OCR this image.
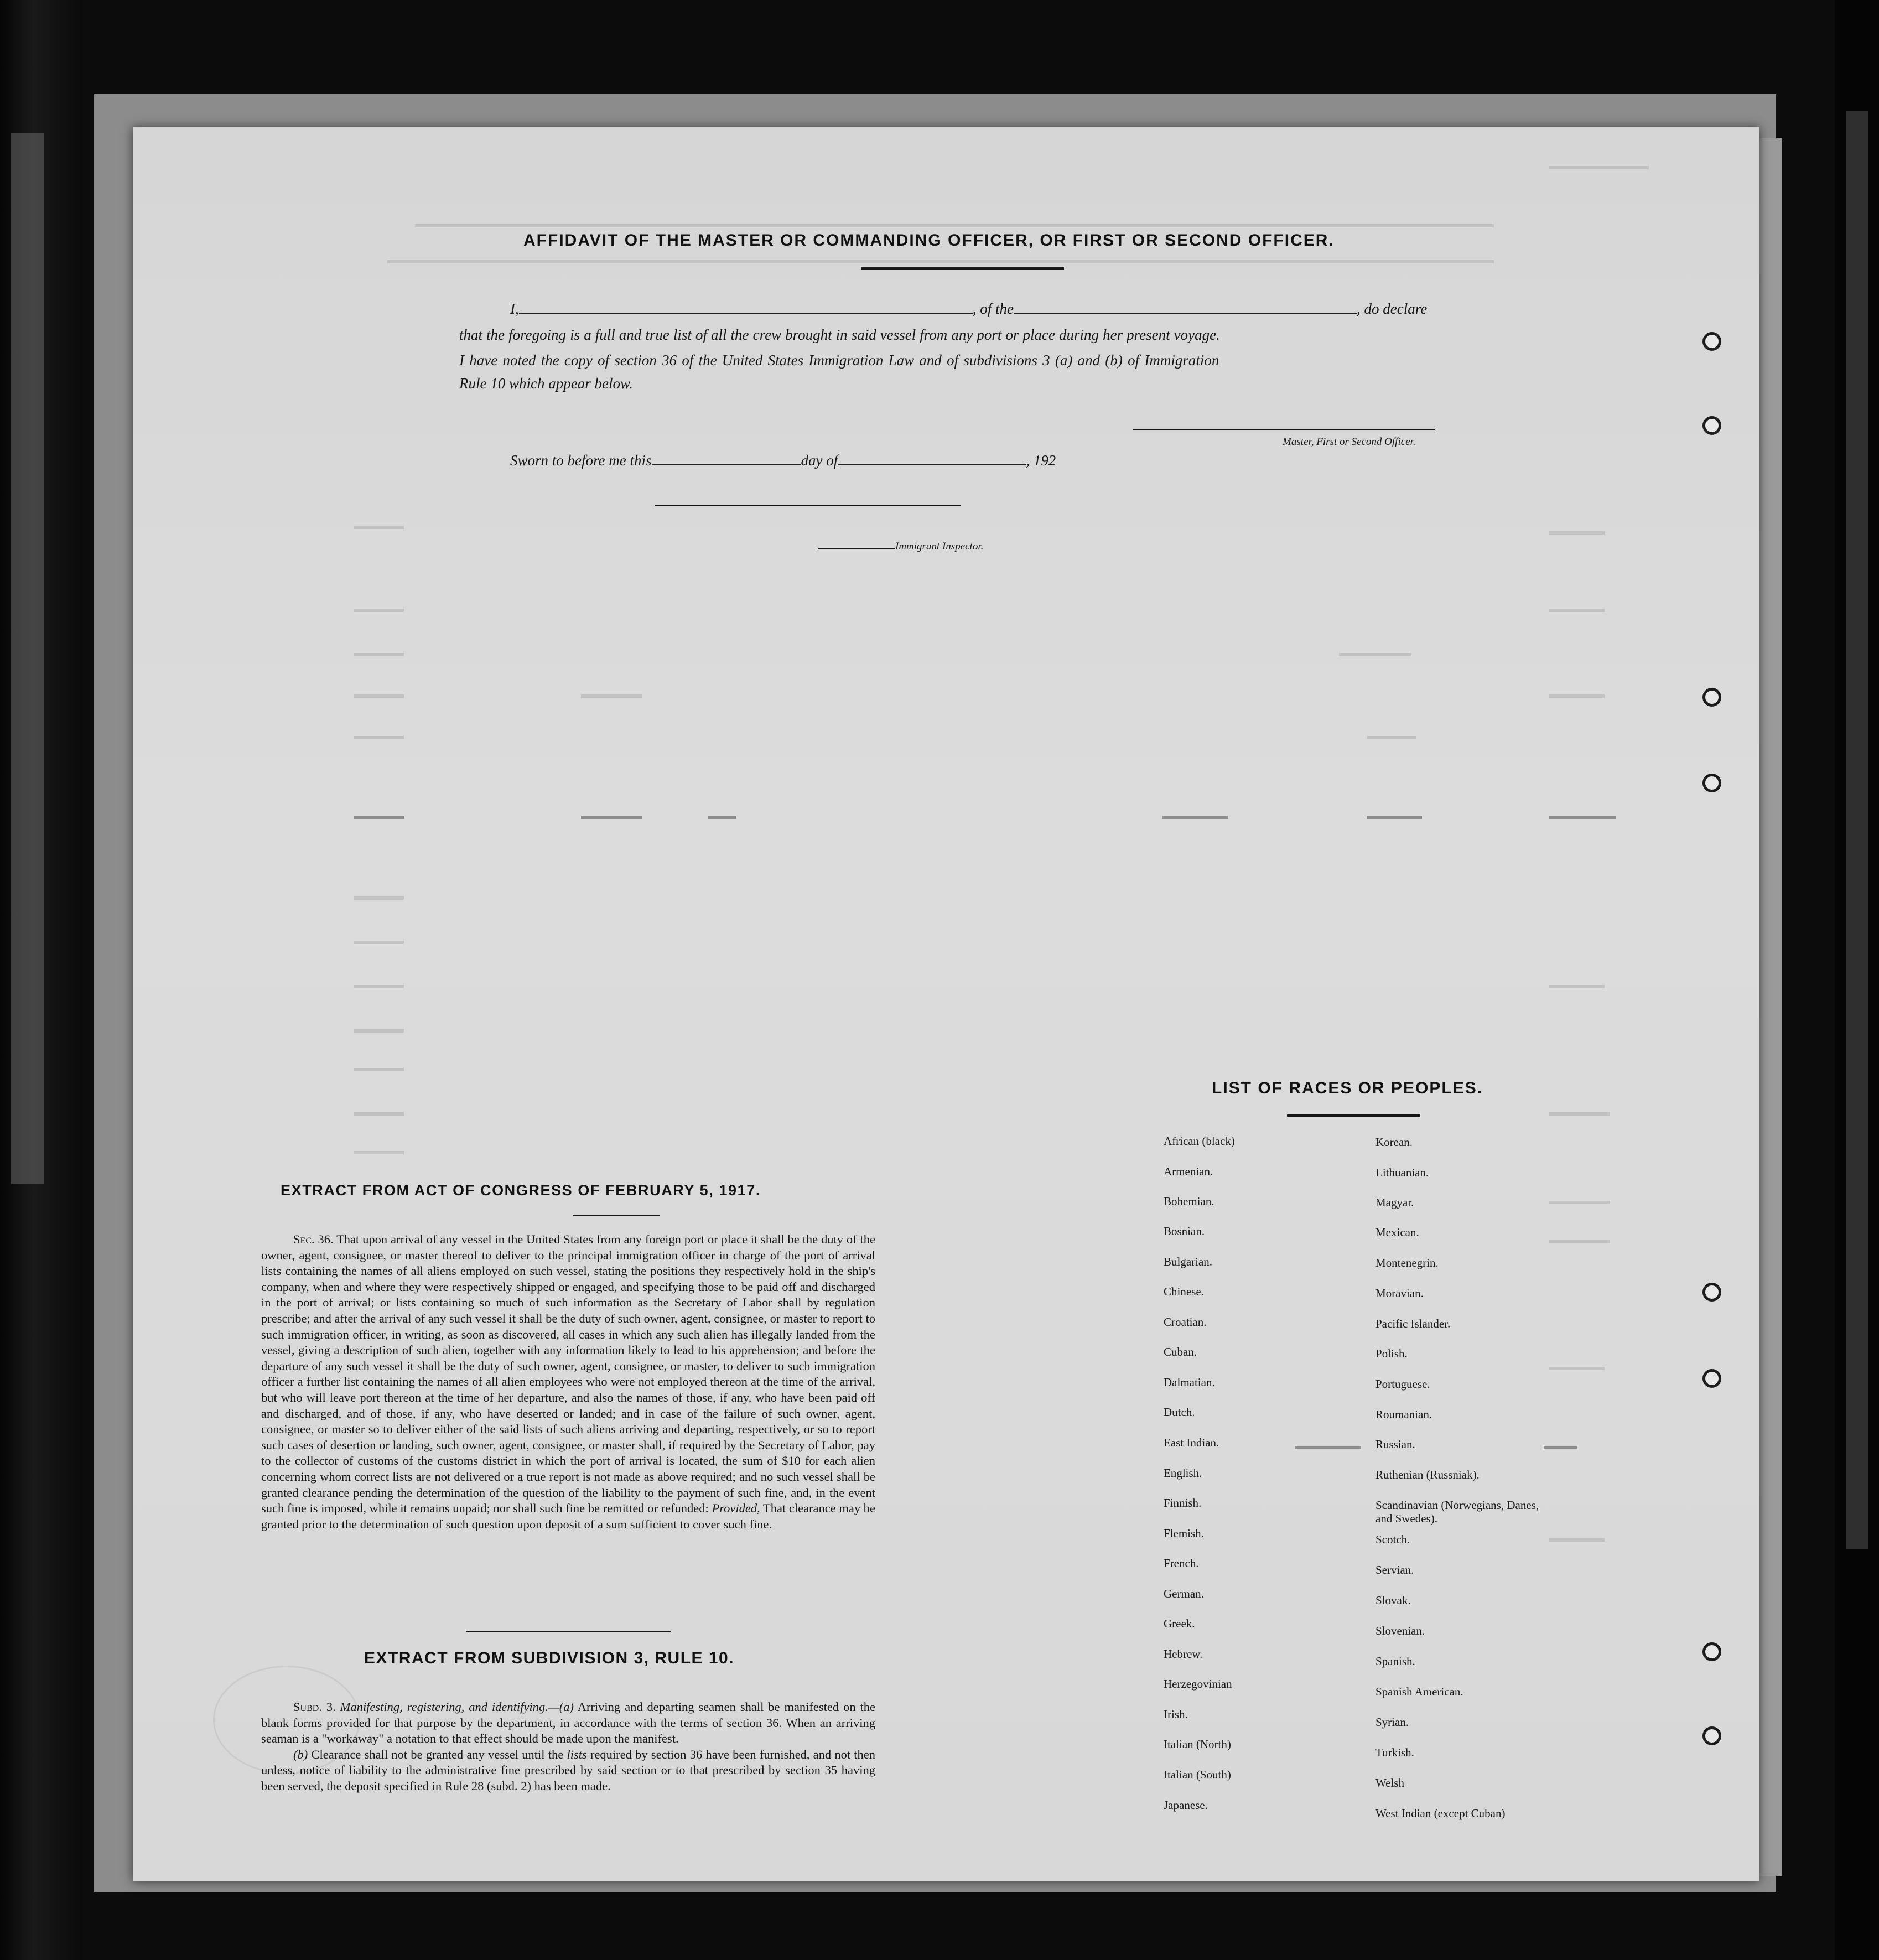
AFFIDAVIT OF THE MASTER OR COMMANDING OFFICER, OR FIRST OR SECOND OFFICER.
I,	, of the	, do declare
that the foregoing is a full and true list of all the crew brought in said vessel from any port or place during her present voyage.
I have noted the copy of section 36 of the United States Immigration Law and of subdivisions 3 (a) and (b) of Immigration
Rule 10 which appear below.
Master, First or Second Officer.
Sworn to before me this	day of	, 192
Immigrant Inspector.
EXTRACT FROM ACT OF CONGRESS OF FEBRUARY 5, 1917.
Sec. 36. That upon arrival of any vessel in the United States from any foreign port or place it shall be the duty of the owner, agent, consignee, or master thereof to deliver to the principal immigration officer in charge of the port of arrival lists containing the names of all aliens employed on such vessel, stating the positions they respectively hold in the ship's company, when and where they were respectively shipped or engaged, and specifying those to be paid off and discharged in the port of arrival; or lists containing so much of such information as the Secretary of Labor shall by regulation prescribe; and after the arrival of any such vessel it shall be the duty of such owner, agent, consignee, or master to report to such immigration officer, in writing, as soon as discovered, all cases in which any such alien has illegally landed from the vessel, giving a description of such alien, together with any information likely to lead to his apprehension; and before the departure of any such vessel it shall be the duty of such owner, agent, consignee, or master, to deliver to such immigration officer a further list containing the names of all alien employees who were not employed thereon at the time of the arrival, but who will leave port thereon at the time of her departure, and also the names of those, if any, who have been paid off and discharged, and of those, if any, who have deserted or landed; and in case of the failure of such owner, agent, consignee, or master so to deliver either of the said lists of such aliens arriving and departing, respectively, or so to report such cases of desertion or landing, such owner, agent, consignee, or master shall, if required by the Secretary of Labor, pay to the collector of customs of the customs district in which the port of arrival is located, the sum of $10 for each alien concerning whom correct lists are not delivered or a true report is not made as above required; and no such vessel shall be granted clearance pending the determination of the question of the liability to the payment of such fine, and, in the event such fine is imposed, while it remains unpaid; nor shall such fine be remitted or refunded: Provided, That clearance may be granted prior to the determination of such question upon deposit of a sum sufficient to cover such fine.
EXTRACT FROM SUBDIVISION 3, RULE 10.
Subd. 3. Manifesting, registering, and identifying.—(a) Arriving and departing seamen shall be manifested on the blank forms provided for that purpose by the department, in accordance with the terms of section 36. When an arriving seaman is a "workaway" a notation to that effect should be made upon the manifest.
(b) Clearance shall not be granted any vessel until the lists required by section 36 have been furnished, and not then unless, notice of liability to the administrative fine prescribed by said section or to that prescribed by section 35 having been served, the deposit specified in Rule 28 (subd. 2) has been made.
LIST OF RACES OR PEOPLES.
African (black)
Armenian.
Bohemian.
Bosnian.
Bulgarian.
Chinese.
Croatian.
Cuban.
Dalmatian.
Dutch.
East Indian.
English.
Finnish.
Flemish.
French.
German.
Greek.
Hebrew.
Herzegovinian
Irish.
Italian (North)
Italian (South)
Japanese.
Korean.
Lithuanian.
Magyar.
Mexican.
Montenegrin.
Moravian.
Pacific Islander.
Polish.
Portuguese.
Roumanian.
Russian.
Ruthenian (Russniak).
Scandinavian (Norwegians, Danes, and Swedes).
Scotch.
Servian.
Slovak.
Slovenian.
Spanish.
Spanish American.
Syrian.
Turkish.
Welsh
West Indian (except Cuban)
